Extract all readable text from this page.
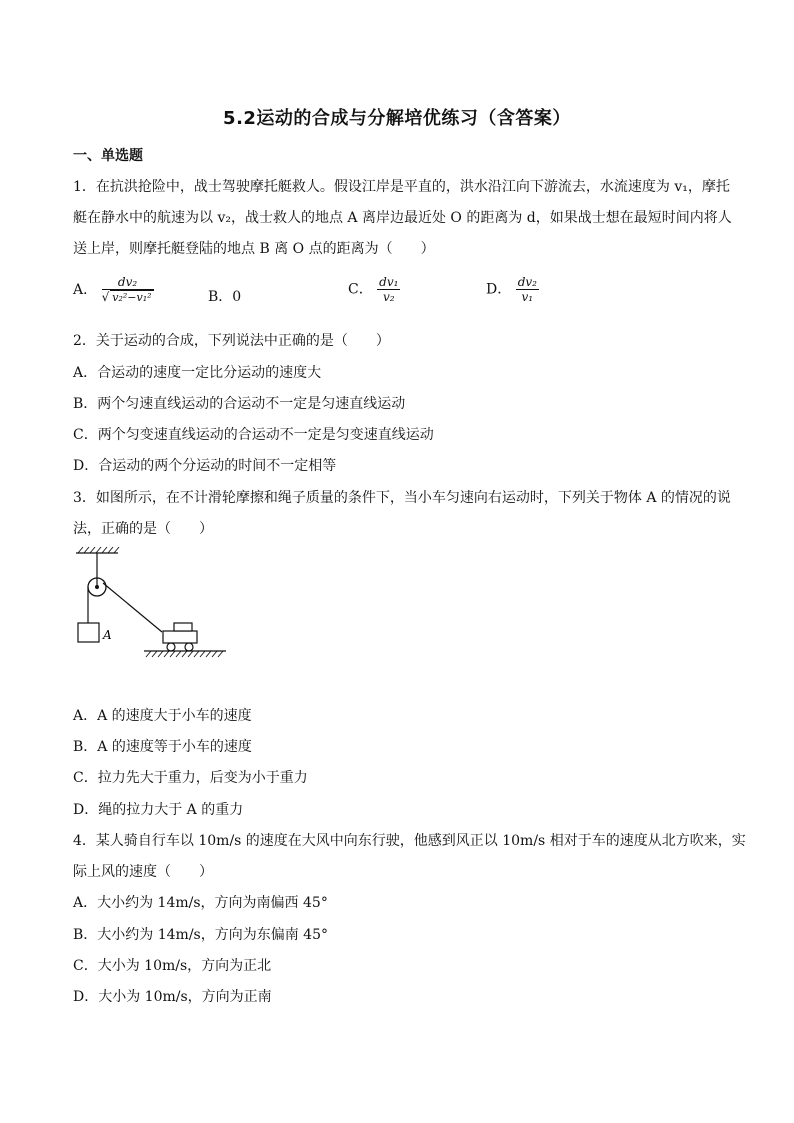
5.2运动的合成与分解培优练习（含答案）
一、单选题
1．在抗洪抢险中，战士驾驶摩托艇救人。假设江岸是平直的，洪水沿江向下游流去，水流速度为 v₁，摩托
艇在静水中的航速为以 v₂，战士救人的地点 A 离岸边最近处 O 的距离为 d，如果战士想在最短时间内将人
送上岸，则摩托艇登陆的地点 B 离 O 点的距离为（　　）
A． $\frac{\text{dv₂}}{\text{√ v₂²−v₁²}}$	B．0	C． $\frac{\text{dv₁}}{\text{v₂}}$	D． $\frac{\text{dv₂}}{\text{v₁}}$
2．关于运动的合成，下列说法中正确的是（　　）
A．合运动的速度一定比分运动的速度大
B．两个匀速直线运动的合运动不一定是匀速直线运动
C．两个匀变速直线运动的合运动不一定是匀变速直线运动
D．合运动的两个分运动的时间不一定相等
3．如图所示，在不计滑轮摩擦和绳子质量的条件下，当小车匀速向右运动时，下列关于物体 A 的情况的说
法，正确的是（　　）
A
A．A 的速度大于小车的速度
B．A 的速度等于小车的速度
C．拉力先大于重力，后变为小于重力
D．绳的拉力大于 A 的重力
4．某人骑自行车以 10m/s 的速度在大风中向东行驶，他感到风正以 10m/s 相对于车的速度从北方吹来，实
际上风的速度（　　）
A．大小约为 14m/s，方向为南偏西 45°
B．大小约为 14m/s，方向为东偏南 45°
C．大小为 10m/s，方向为正北
D．大小为 10m/s，方向为正南
